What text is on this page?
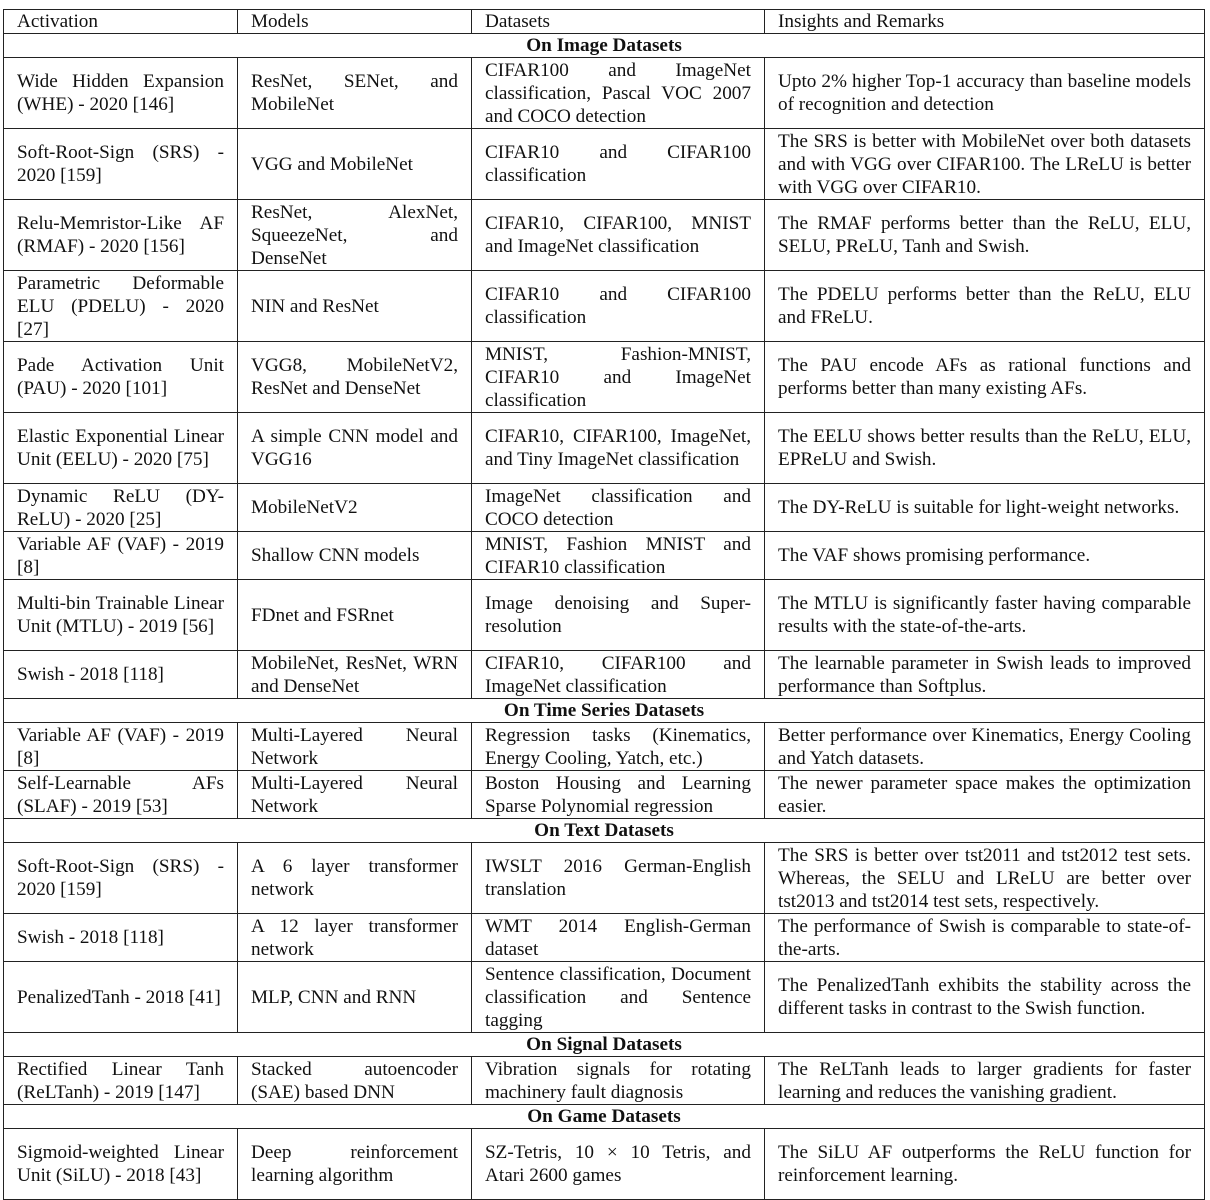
Activation	Models	Datasets	Insights and Remarks
On Image Datasets			
Wide Hidden Expansion (WHE) - 2020 [146]	ResNet, SENet, and MobileNet	CIFAR100 and ImageNet classification, Pascal VOC 2007 and COCO detection	Upto 2% higher Top-1 accuracy than baseline models of recognition and detection
Soft-Root-Sign (SRS) - 2020 [159]	VGG and MobileNet	CIFAR10 and CIFAR100 classification	The SRS is better with MobileNet over both datasets and with VGG over CIFAR100. The LReLU is better with VGG over CIFAR10.
Relu-Memristor-Like AF (RMAF) - 2020 [156]	ResNet, AlexNet, SqueezeNet, and DenseNet	CIFAR10, CIFAR100, MNIST and ImageNet classification	The RMAF performs better than the ReLU, ELU, SELU, PReLU, Tanh and Swish.
Parametric Deformable ELU (PDELU) - 2020 [27]	NIN and ResNet	CIFAR10 and CIFAR100 classification	The PDELU performs better than the ReLU, ELU and FReLU.
Pade Activation Unit (PAU) - 2020 [101]	VGG8, MobileNetV2, ResNet and DenseNet	MNIST, Fashion-MNIST, CIFAR10 and ImageNet classification	The PAU encode AFs as rational functions and performs better than many existing AFs.
Elastic Exponential Linear Unit (EELU) - 2020 [75]	A simple CNN model and VGG16	CIFAR10, CIFAR100, ImageNet, and Tiny ImageNet classification	The EELU shows better results than the ReLU, ELU, EPReLU and Swish.
Dynamic ReLU (DY-ReLU) - 2020 [25]	MobileNetV2	ImageNet classification and COCO detection	The DY-ReLU is suitable for light-weight networks.
Variable AF (VAF) - 2019 [8]	Shallow CNN models	MNIST, Fashion MNIST and CIFAR10 classification	The VAF shows promising performance.
Multi-bin Trainable Linear Unit (MTLU) - 2019 [56]	FDnet and FSRnet	Image denoising and Super-resolution	The MTLU is significantly faster having comparable results with the state-of-the-arts.
Swish - 2018 [118]	MobileNet, ResNet, WRN and DenseNet	CIFAR10, CIFAR100 and ImageNet classification	The learnable parameter in Swish leads to improved performance than Softplus.
On Time Series Datasets			
Variable AF (VAF) - 2019 [8]	Multi-Layered Neural Network	Regression tasks (Kinematics, Energy Cooling, Yatch, etc.)	Better performance over Kinematics, Energy Cooling and Yatch datasets.
Self-Learnable AFs (SLAF) - 2019 [53]	Multi-Layered Neural Network	Boston Housing and Learning Sparse Polynomial regression	The newer parameter space makes the optimization easier.
On Text Datasets			
Soft-Root-Sign (SRS) - 2020 [159]	A 6 layer transformer network	IWSLT 2016 German-English translation	The SRS is better over tst2011 and tst2012 test sets. Whereas, the SELU and LReLU are better over tst2013 and tst2014 test sets, respectively.
Swish - 2018 [118]	A 12 layer transformer network	WMT 2014 English-German dataset	The performance of Swish is comparable to state-of-the-arts.
PenalizedTanh - 2018 [41]	MLP, CNN and RNN	Sentence classification, Document classification and Sentence tagging	The PenalizedTanh exhibits the stability across the different tasks in contrast to the Swish function.
On Signal Datasets			
Rectified Linear Tanh (ReLTanh) - 2019 [147]	Stacked autoencoder (SAE) based DNN	Vibration signals for rotating machinery fault diagnosis	The ReLTanh leads to larger gradients for faster learning and reduces the vanishing gradient.
On Game Datasets			
Sigmoid-weighted Linear Unit (SiLU) - 2018 [43]	Deep reinforcement learning algorithm	SZ-Tetris, 10 × 10 Tetris, and Atari 2600 games	The SiLU AF outperforms the ReLU function for reinforcement learning.
